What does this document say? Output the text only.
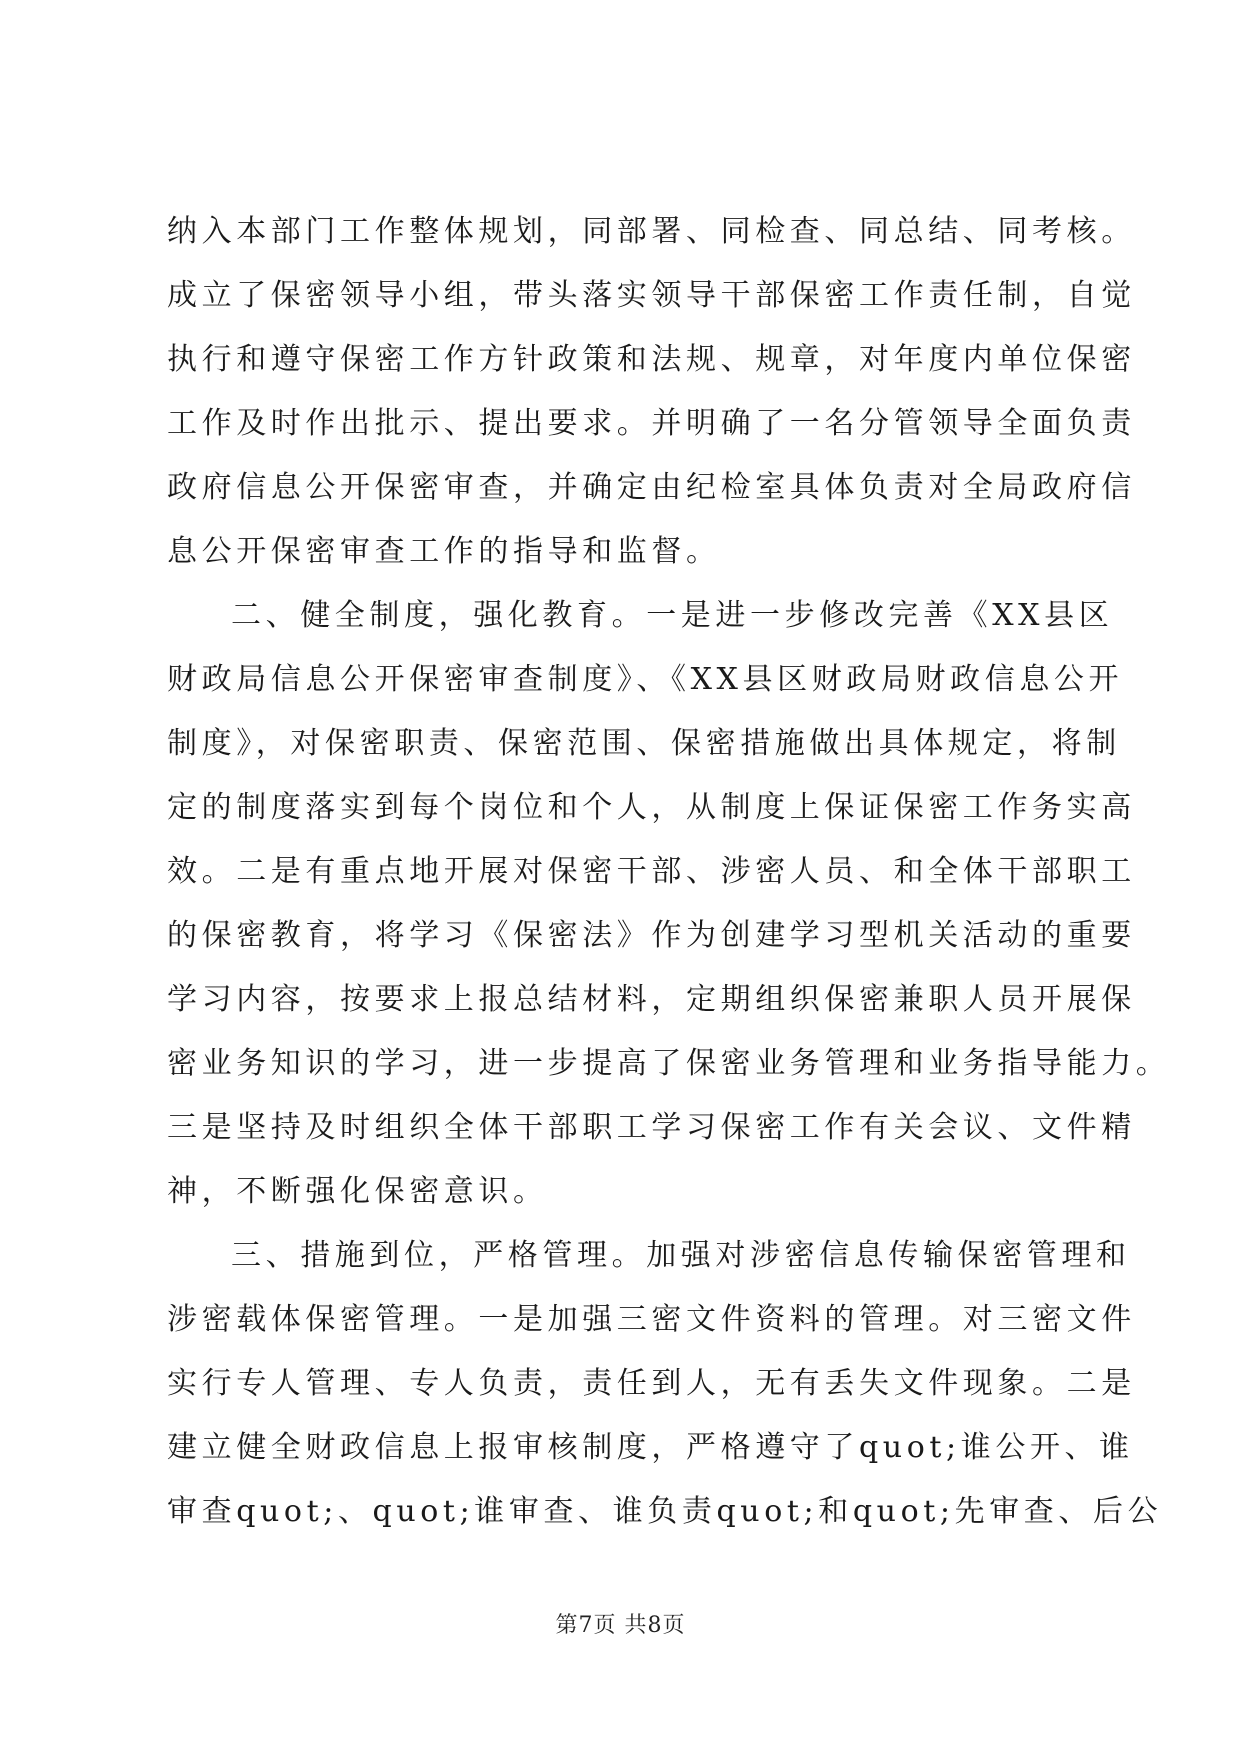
纳入本部门工作整体规划，同部署、同检查、同总结、同考核。
成立了保密领导小组，带头落实领导干部保密工作责任制，自觉
执行和遵守保密工作方针政策和法规、规章，对年度内单位保密
工作及时作出批示、提出要求。并明确了一名分管领导全面负责
政府信息公开保密审查，并确定由纪检室具体负责对全局政府信
息公开保密审查工作的指导和监督。
二、健全制度，强化教育。一是进一步修改完善《XX县区
财政局信息公开保密审查制度》、《XX县区财政局财政信息公开
制度》，对保密职责、保密范围、保密措施做出具体规定，将制
定的制度落实到每个岗位和个人，从制度上保证保密工作务实高
效。二是有重点地开展对保密干部、涉密人员、和全体干部职工
的保密教育，将学习《保密法》作为创建学习型机关活动的重要
学习内容，按要求上报总结材料，定期组织保密兼职人员开展保
密业务知识的学习，进一步提高了保密业务管理和业务指导能力。
三是坚持及时组织全体干部职工学习保密工作有关会议、文件精
神，不断强化保密意识。
三、措施到位，严格管理。加强对涉密信息传输保密管理和
涉密载体保密管理。一是加强三密文件资料的管理。对三密文件
实行专人管理、专人负责，责任到人，无有丢失文件现象。二是
建立健全财政信息上报审核制度，严格遵守了quot;谁公开、谁
审查quot;、quot;谁审查、谁负责quot;和quot;先审查、后公
第7页 共8页
